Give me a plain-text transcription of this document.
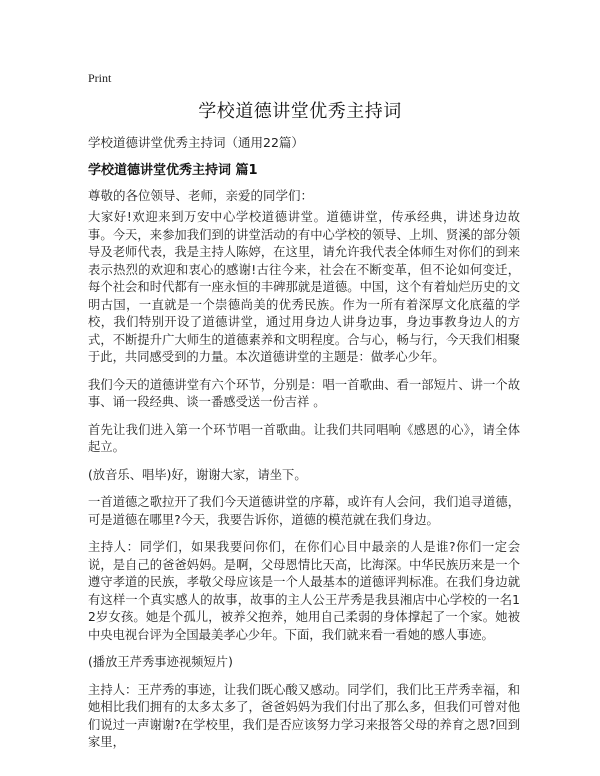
Print
学校道德讲堂优秀主持词
学校道德讲堂优秀主持词（通用22篇）
学校道德讲堂优秀主持词 篇1
尊敬的各位领导、老师，亲爱的同学们：

大家好!欢迎来到万安中心学校道德讲堂。道德讲堂，传承经典，讲述身边故事。今天，来参加我们到的讲堂活动的有中心学校的领导、上圳、贤溪的部分领导及老师代表，我是主持人陈婷，在这里，请允许我代表全体师生对你们的到来表示热烈的欢迎和衷心的感谢!古往今来，社会在不断变革，但不论如何变迁，每个社会和时代都有一座永恒的丰碑那就是道德。中国，这个有着灿烂历史的文明古国，一直就是一个崇德尚美的优秀民族。作为一所有着深厚文化底蕴的学校，我们特别开设了道德讲堂，通过用身边人讲身边事，身边事教身边人的方式，不断提升广大师生的道德素养和文明程度。合与心，畅与行，今天我们相聚于此，共同感受到的力量。本次道德讲堂的主题是：做孝心少年。

我们今天的道德讲堂有六个环节，分别是：唱一首歌曲、看一部短片、讲一个故事、诵一段经典、谈一番感受送一份吉祥 。

首先让我们进入第一个环节唱一首歌曲。让我们共同唱响《感恩的心》，请全体起立。

(放音乐、唱毕)好，谢谢大家，请坐下。

一首道德之歌拉开了我们今天道德讲堂的序幕，或许有人会问，我们追寻道德，可是道德在哪里?今天，我要告诉你，道德的模范就在我们身边。

主持人：同学们，如果我要问你们，在你们心目中最亲的人是谁?你们一定会说，是自己的爸爸妈妈。是啊，父母恩情比天高，比海深。中华民族历来是一个遵守孝道的民族，孝敬父母应该是一个人最基本的道德评判标准。在我们身边就有这样一个真实感人的故事，故事的主人公王芹秀是我县湘店中心学校的一名12岁女孩。她是个孤儿，被养父抱养，她用自己柔弱的身体撑起了一个家。她被中央电视台评为全国最美孝心少年。下面，我们就来看一看她的感人事迹。

(播放王芹秀事迹视频短片)

主持人：王芹秀的事迹，让我们既心酸又感动。同学们，我们比王芹秀幸福，和她相比我们拥有的太多太多了，爸爸妈妈为我们付出了那么多，但我们可曾对他们说过一声谢谢?在学校里，我们是否应该努力学习来报答父母的养育之恩?回到家里，
